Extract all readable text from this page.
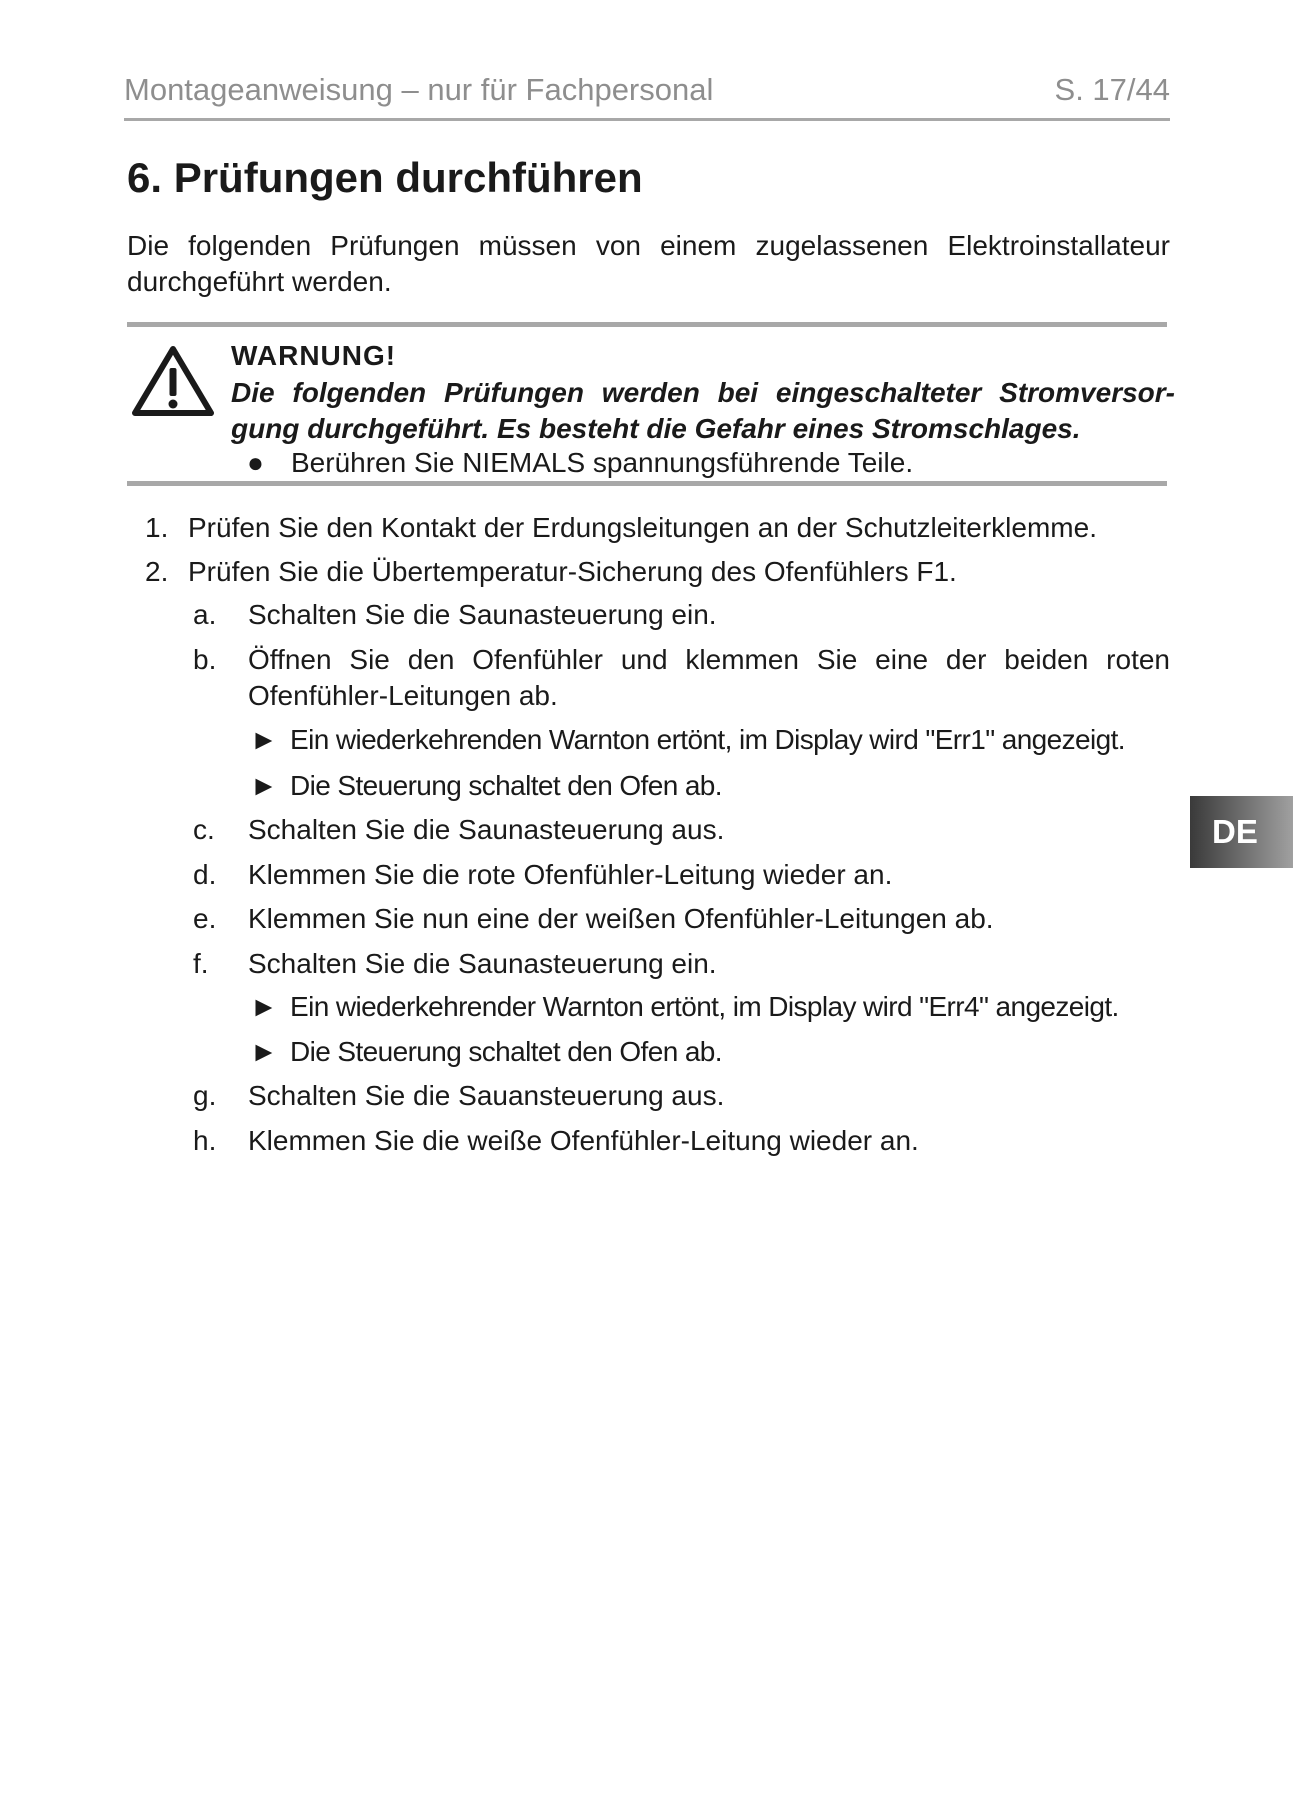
Montageanweisung – nur für Fachpersonal	S. 17/44
6. Prüfungen durchführen
Die folgenden Prüfungen müssen von einem zugelassenen Elektroinstallateur durchgeführt werden.
WARNUNG!
Die folgenden Prüfungen werden bei eingeschalteter Stromversor-gung durchgeführt. Es besteht die Gefahr eines Stromschlages.
● Berühren Sie NIEMALS spannungsführende Teile.
1. Prüfen Sie den Kontakt der Erdungsleitungen an der Schutzleiterklemme.
2. Prüfen Sie die Übertemperatur-Sicherung des Ofenfühlers F1.
a. Schalten Sie die Saunasteuerung ein.
b. Öffnen Sie den Ofenfühler und klemmen Sie eine der beiden roten Ofenfühler-Leitungen ab.
► Ein wiederkehrenden Warnton ertönt, im Display wird "Err1" angezeigt.
► Die Steuerung schaltet den Ofen ab.
c. Schalten Sie die Saunasteuerung aus.
d. Klemmen Sie die rote Ofenfühler-Leitung wieder an.
e. Klemmen Sie nun eine der weißen Ofenfühler-Leitungen ab.
f. Schalten Sie die Saunasteuerung ein.
► Ein wiederkehrender Warnton ertönt, im Display wird "Err4" angezeigt.
► Die Steuerung schaltet den Ofen ab.
g. Schalten Sie die Sauansteuerung aus.
h. Klemmen Sie die weiße Ofenfühler-Leitung wieder an.
DE
